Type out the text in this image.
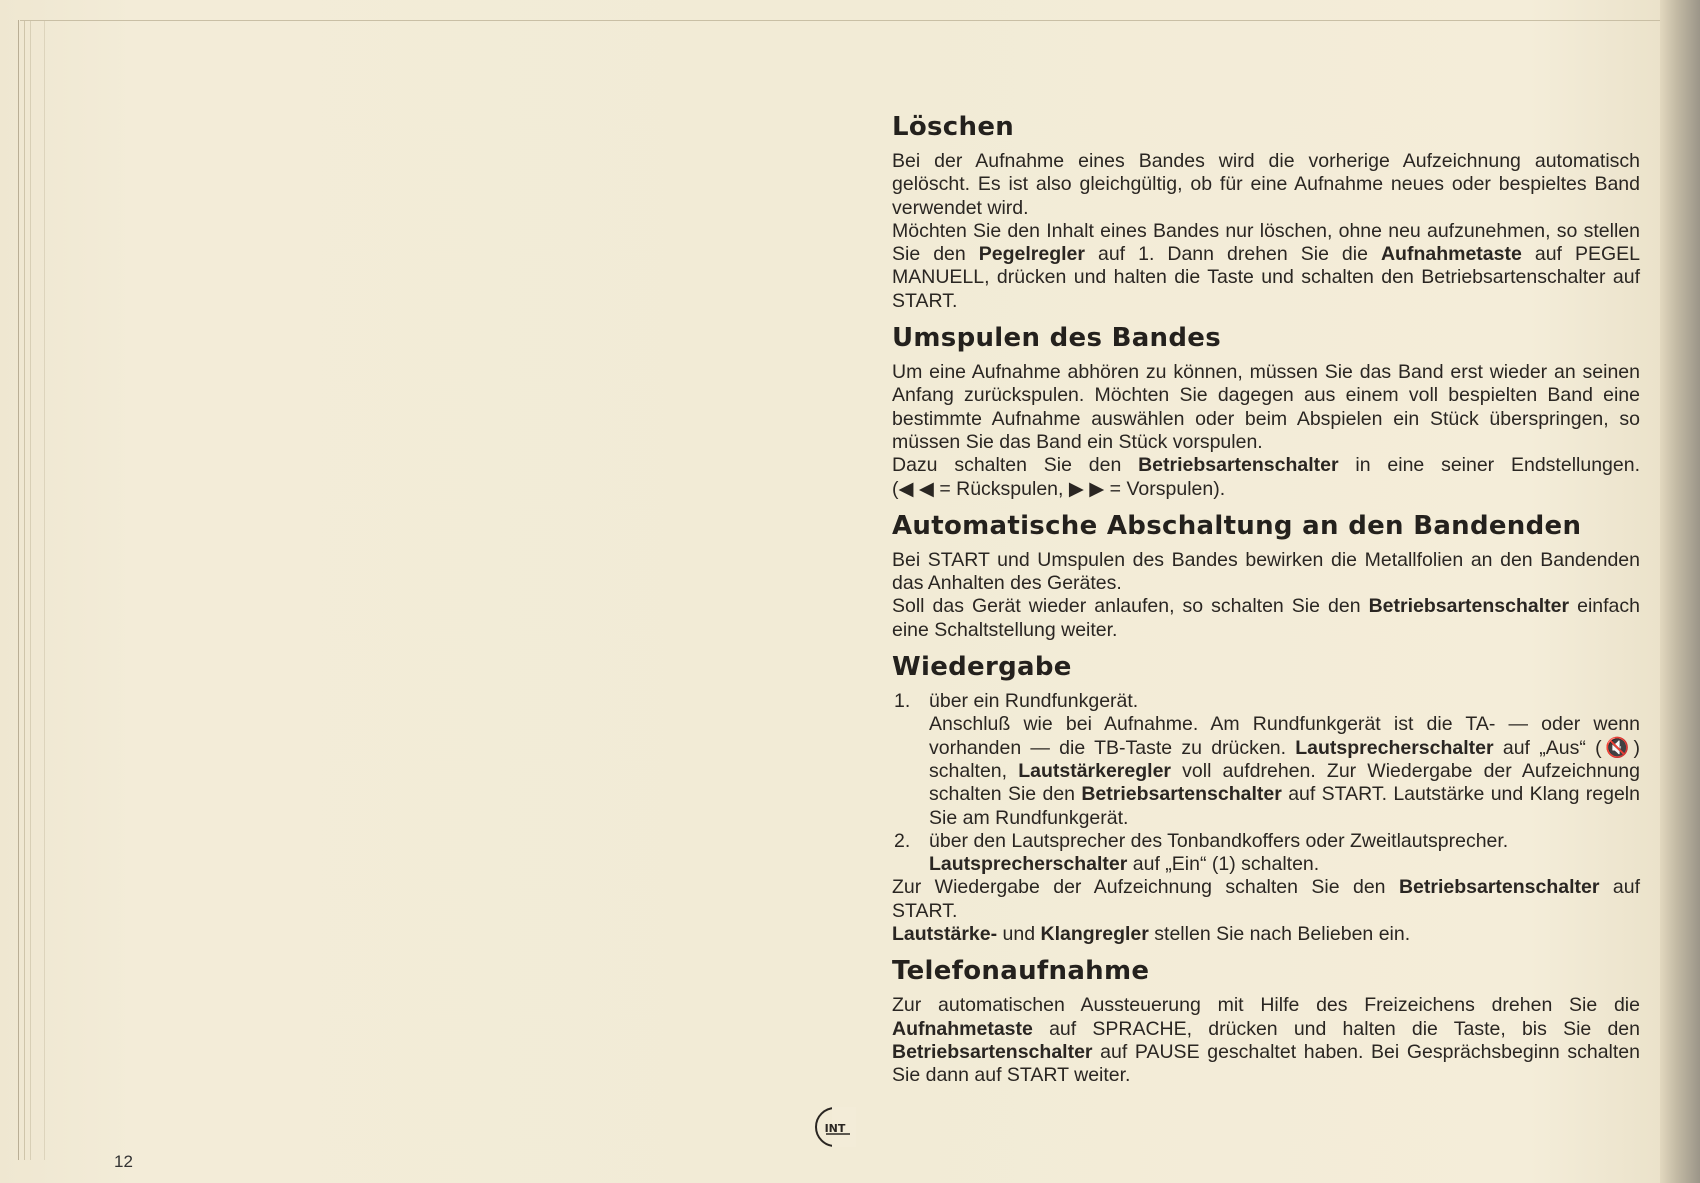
12
INT
Löschen

Bei der Aufnahme eines Bandes wird die vorherige Aufzeichnung automatisch gelöscht. Es ist also gleichgültig, ob für eine Aufnahme neues oder bespieltes Band verwendet wird.

Möchten Sie den Inhalt eines Bandes nur löschen, ohne neu aufzunehmen, so stellen Sie den Pegelregler auf 1. Dann drehen Sie die Aufnahmetaste auf PEGEL MANUELL, drücken und halten die Taste und schalten den Betriebsartenschalter auf START.

Umspulen des Bandes

Um eine Aufnahme abhören zu können, müssen Sie das Band erst wieder an seinen Anfang zurückspulen. Möchten Sie dagegen aus einem voll bespielten Band eine bestimmte Aufnahme auswählen oder beim Abspielen ein Stück überspringen, so müssen Sie das Band ein Stück vorspulen.

Dazu schalten Sie den Betriebsartenschalter in eine seiner Endstellungen.

(◀ ◀ = Rückspulen, ▶ ▶ = Vorspulen).

Automatische Abschaltung an den Bandenden

Bei START und Umspulen des Bandes bewirken die Metallfolien an den Bandenden das Anhalten des Gerätes.

Soll das Gerät wieder anlaufen, so schalten Sie den Betriebsartenschalter einfach eine Schaltstellung weiter.

Wiedergabe
1. über ein Rundfunkgerät.

Anschluß wie bei Aufnahme. Am Rundfunkgerät ist die TA- — oder wenn vorhanden — die TB-Taste zu drücken. Lautsprecherschalter auf „Aus“ (🔇) schalten, Lautstärkeregler voll aufdrehen. Zur Wiedergabe der Aufzeichnung schalten Sie den Betriebsartenschalter auf START. Lautstärke und Klang regeln Sie am Rundfunkgerät.

2. über den Lautsprecher des Tonbandkoffers oder Zweitlautsprecher.

Lautsprecherschalter auf „Ein“ (1) schalten.

Zur Wiedergabe der Aufzeichnung schalten Sie den Betriebsartenschalter auf START.

Lautstärke- und Klangregler stellen Sie nach Belieben ein.

Telefonaufnahme

Zur automatischen Aussteuerung mit Hilfe des Freizeichens drehen Sie die Aufnahmetaste auf SPRACHE, drücken und halten die Taste, bis Sie den Betriebsartenschalter auf PAUSE geschaltet haben. Bei Gesprächsbeginn schalten Sie dann auf START weiter.
